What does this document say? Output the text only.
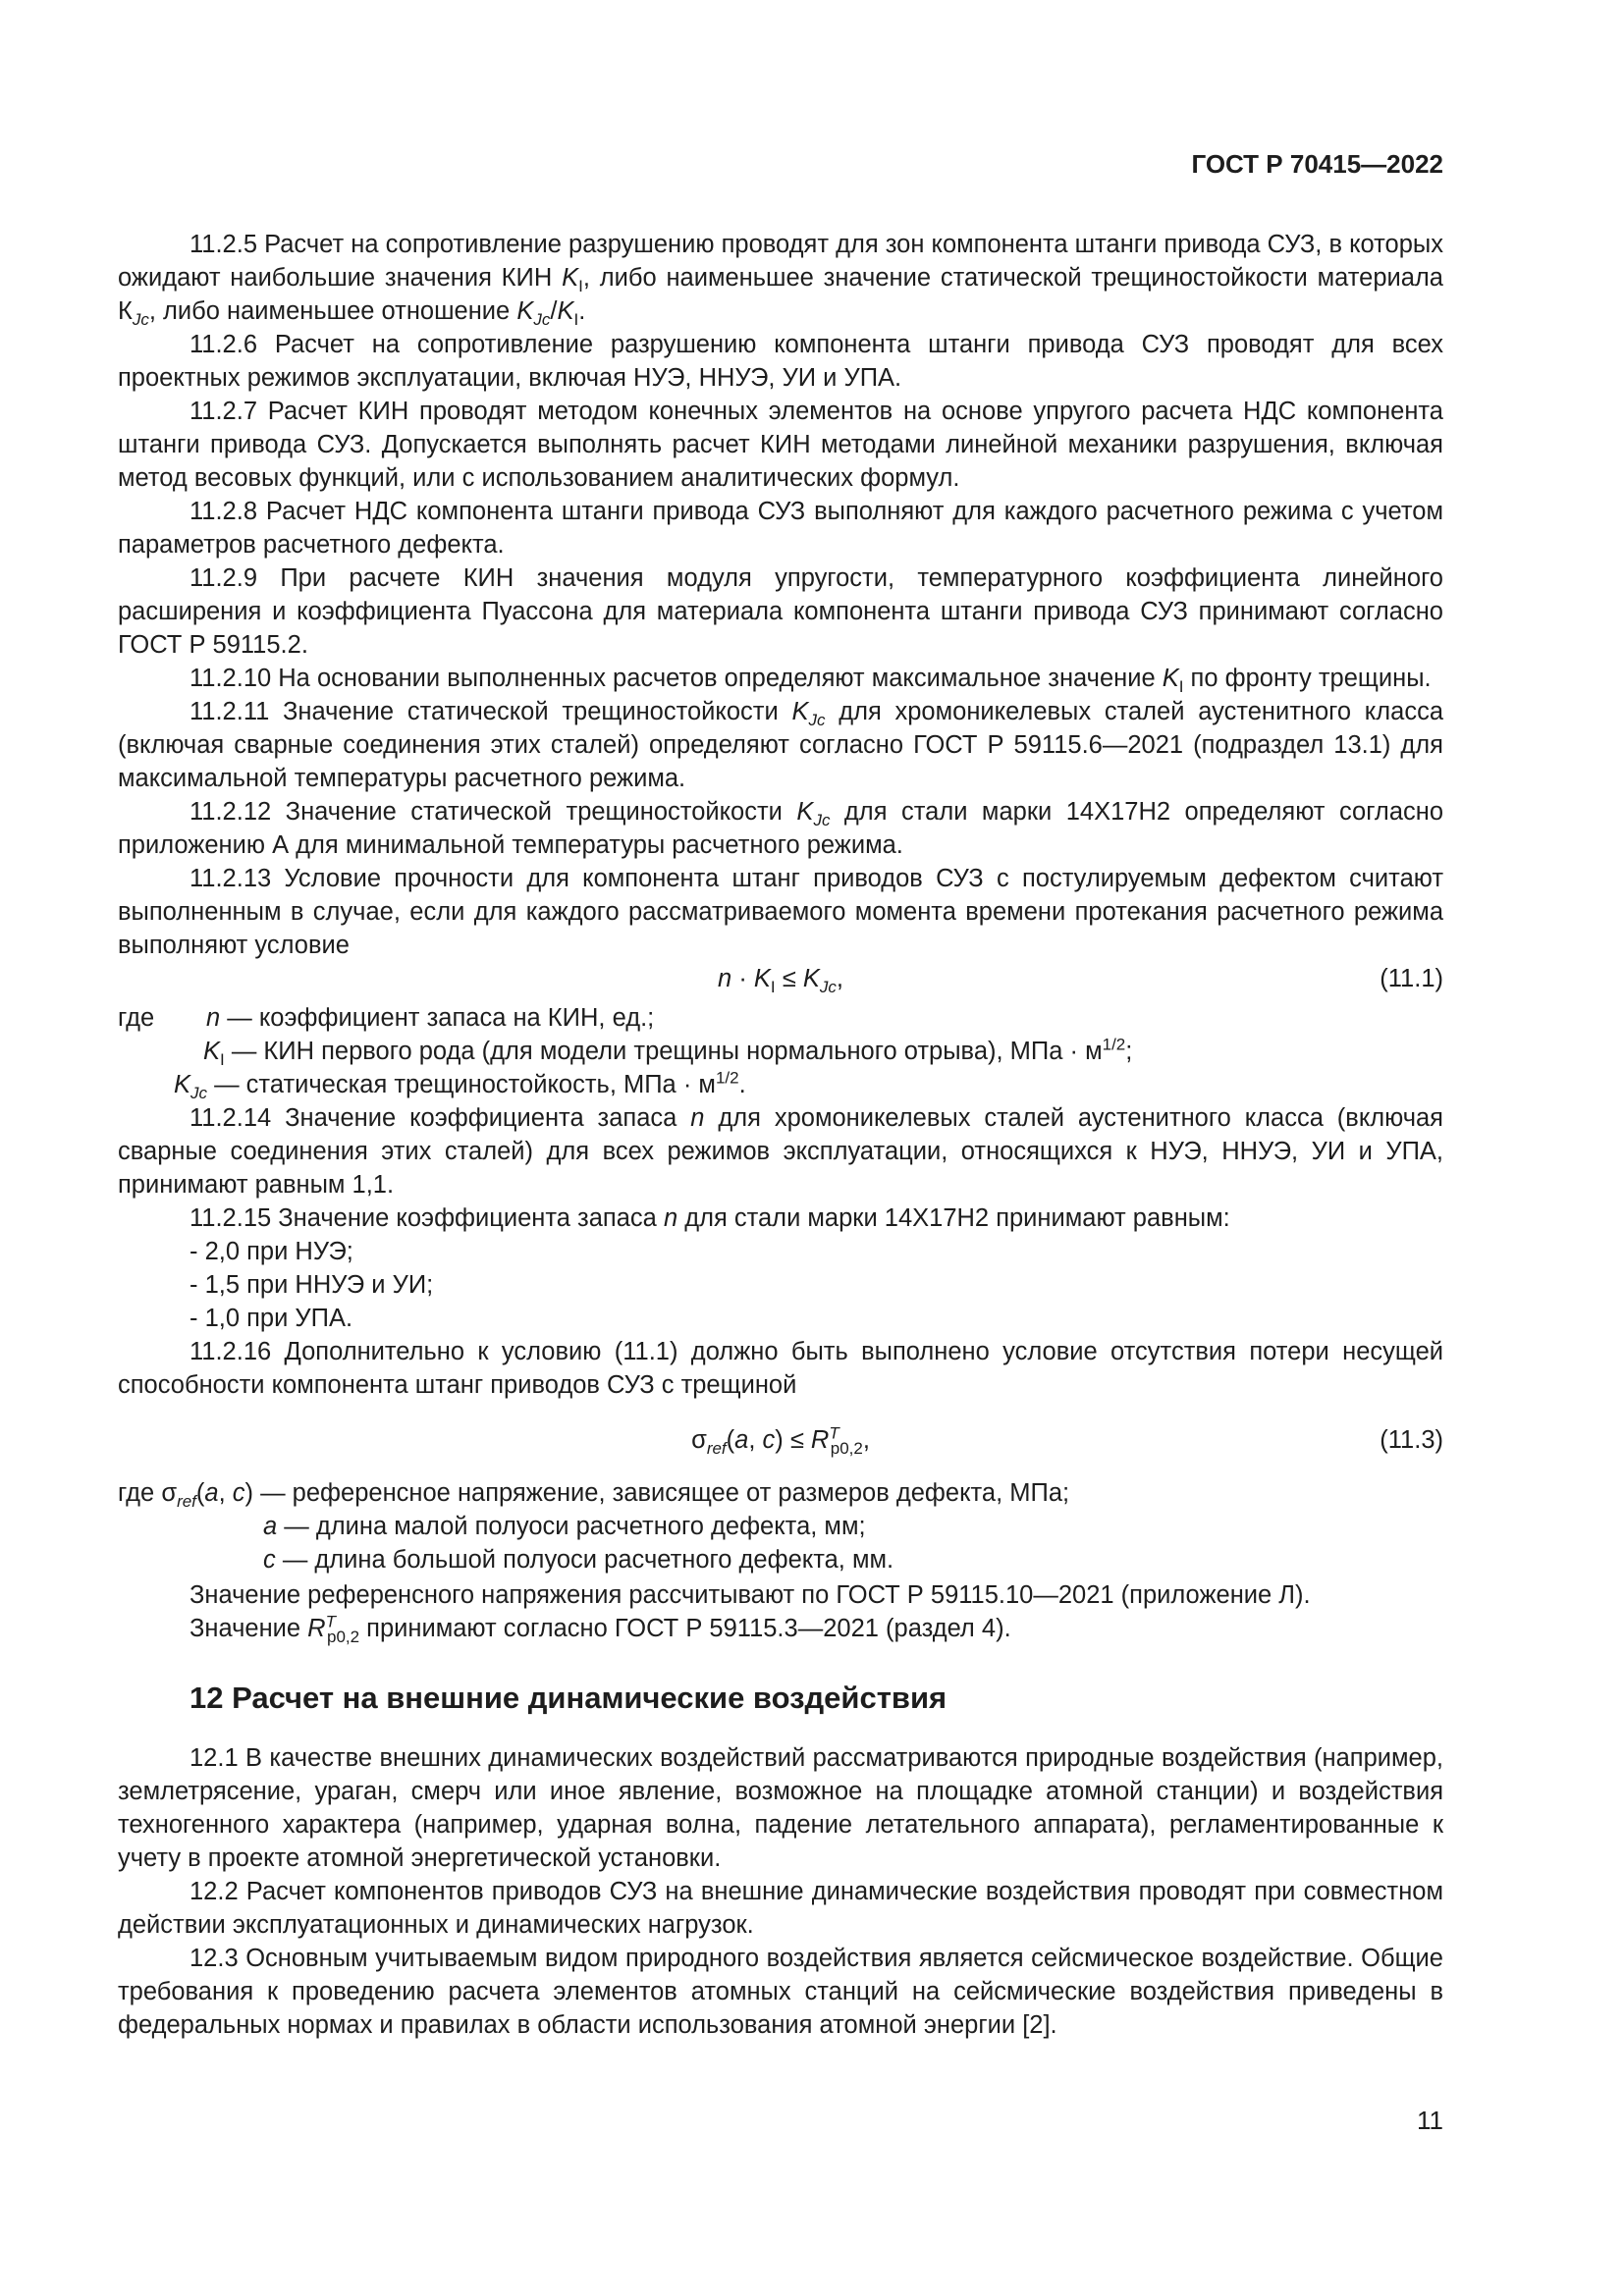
ГОСТ Р 70415—2022

11.2.5 Расчет на сопротивление разрушению проводят для зон компонента штанги привода СУЗ, в которых ожидают наибольшие значения КИН $K_I$, либо наименьшее значение статической трещиностойкости материала $К_{Jc}$, либо наименьшее отношение $K_{Jc}/K_I$.

11.2.6 Расчет на сопротивление разрушению компонента штанги привода СУЗ проводят для всех проектных режимов эксплуатации, включая НУЭ, ННУЭ, УИ и УПА.

11.2.7 Расчет КИН проводят методом конечных элементов на основе упругого расчета НДС компонента штанги привода СУЗ. Допускается выполнять расчет КИН методами линейной механики разрушения, включая метод весовых функций, или с использованием аналитических формул.

11.2.8 Расчет НДС компонента штанги привода СУЗ выполняют для каждого расчетного режима с учетом параметров расчетного дефекта.

11.2.9 При расчете КИН значения модуля упругости, температурного коэффициента линейного расширения и коэффициента Пуассона для материала компонента штанги привода СУЗ принимают согласно ГОСТ Р 59115.2.

11.2.10 На основании выполненных расчетов определяют максимальное значение $K_I$ по фронту трещины.

11.2.11 Значение статической трещиностойкости $K_{Jc}$ для хромоникелевых сталей аустенитного класса (включая сварные соединения этих сталей) определяют согласно ГОСТ Р 59115.6—2021 (подраздел 13.1) для максимальной температуры расчетного режима.

11.2.12 Значение статической трещиностойкости $K_{Jc}$ для стали марки 14Х17Н2 определяют согласно приложению А для минимальной температуры расчетного режима.

11.2.13 Условие прочности для компонента штанг приводов СУЗ с постулируемым дефектом считают выполненным в случае, если для каждого рассматриваемого момента времени протекания расчетного режима выполняют условие

$n \cdot K_I \le K_{Jc}$,	(11.1)
где n — коэффициент запаса на КИН, ед.;
$K_I$ — КИН первого рода (для модели трещины нормального отрыва), МПа · $м^{1/2}$;
$K_{Jc}$ — статическая трещиностойкость, МПа · $м^{1/2}$.

11.2.14 Значение коэффициента запаса n для хромоникелевых сталей аустенитного класса (включая сварные соединения этих сталей) для всех режимов эксплуатации, относящихся к НУЭ, ННУЭ, УИ и УПА, принимают равным 1,1.

11.2.15 Значение коэффициента запаса n для стали марки 14Х17Н2 принимают равным:

- 2,0 при НУЭ;

- 1,5 при ННУЭ и УИ;

- 1,0 при УПА.

11.2.16 Дополнительно к условию (11.1) должно быть выполнено условие отсутствия потери несущей способности компонента штанг приводов СУЗ с трещиной

$\sigma_{ref}(a$, $c) \le R^T_{p0,2}$,	(11.3)
где $\sigma_{ref}(a$, c) — референсное напряжение, зависящее от размеров дефекта, МПа;
a — длина малой полуоси расчетного дефекта, мм;
c — длина большой полуоси расчетного дефекта, мм.

Значение референсного напряжения рассчитывают по ГОСТ Р 59115.10—2021 (приложение Л).

Значение $R^T_{p0,2}$ принимают согласно ГОСТ Р 59115.3—2021 (раздел 4).

12 Расчет на внешние динамические воздействия

12.1 В качестве внешних динамических воздействий рассматриваются природные воздействия (например, землетрясение, ураган, смерч или иное явление, возможное на площадке атомной станции) и воздействия техногенного характера (например, ударная волна, падение летательного аппарата), регламентированные к учету в проекте атомной энергетической установки.

12.2 Расчет компонентов приводов СУЗ на внешние динамические воздействия проводят при совместном действии эксплуатационных и динамических нагрузок.

12.3 Основным учитываемым видом природного воздействия является сейсмическое воздействие. Общие требования к проведению расчета элементов атомных станций на сейсмические воздействия приведены в федеральных нормах и правилах в области использования атомной энергии [2].

11
